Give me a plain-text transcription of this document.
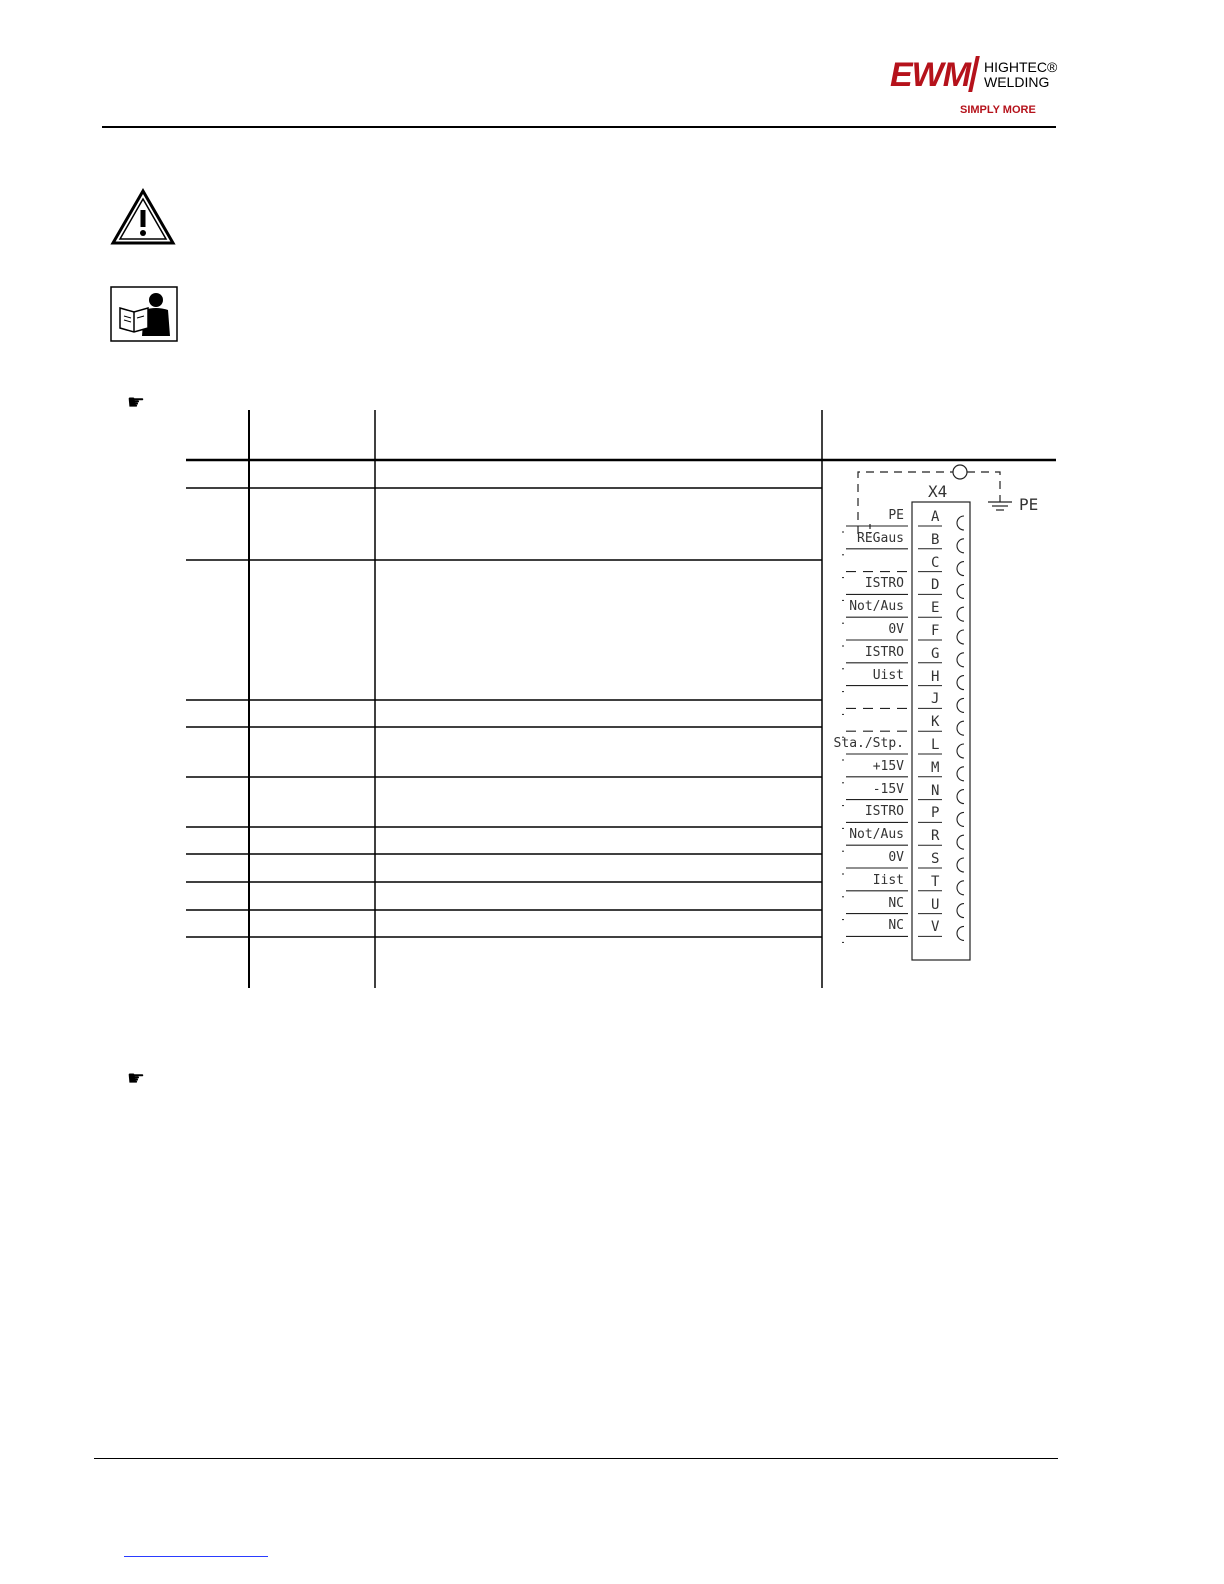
EWM HIGHTEC®
WELDING
SIMPLY MORE
☛
☛
X4
PE
A
PE
B
REGaus
C
D
ISTRO
E
Not/Aus
F
0V
G
ISTRO
H
Uist
J
K
L
Sta./Stp.
M
+15V
N
-15V
P
ISTRO
R
Not/Aus
S
0V
T
Iist
U
NC
V
NC
